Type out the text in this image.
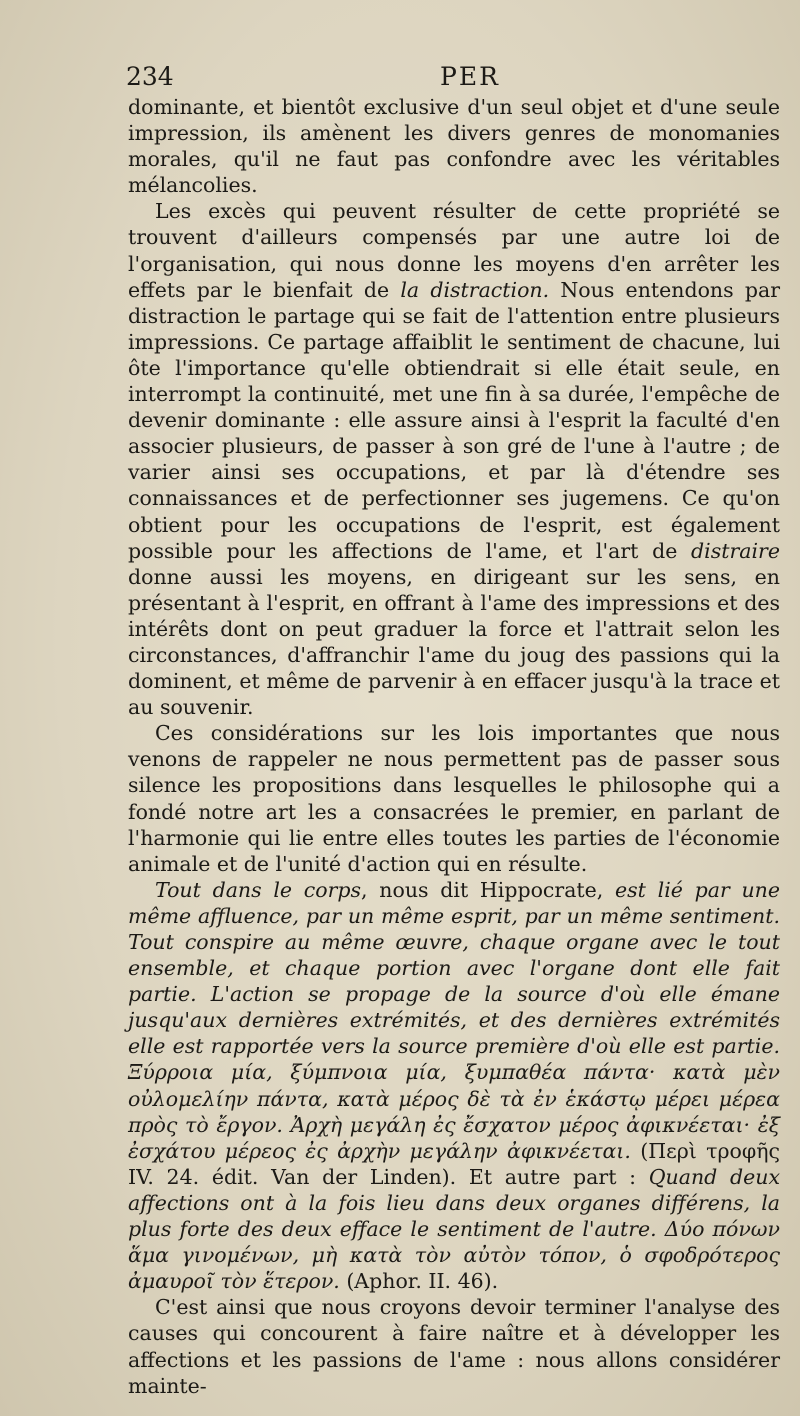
234	PER

dominante, et bientôt exclusive d'un seul objet et d'une seule impression, ils amènent les divers genres de monomanies morales, qu'il ne faut pas confondre avec les véritables mélancolies.

Les excès qui peuvent résulter de cette propriété se trouvent d'ailleurs compensés par une autre loi de l'organisation, qui nous donne les moyens d'en arrêter les effets par le bienfait de la distraction. Nous entendons par distraction le partage qui se fait de l'attention entre plusieurs impressions. Ce partage affaiblit le sentiment de chacune, lui ôte l'importance qu'elle obtiendrait si elle était seule, en interrompt la continuité, met une fin à sa durée, l'empêche de devenir dominante : elle assure ainsi à l'esprit la faculté d'en associer plusieurs, de passer à son gré de l'une à l'autre ; de varier ainsi ses occupations, et par là d'étendre ses connaissances et de perfectionner ses jugemens. Ce qu'on obtient pour les occupations de l'esprit, est également possible pour les affections de l'ame, et l'art de distraire donne aussi les moyens, en dirigeant sur les sens, en présentant à l'esprit, en offrant à l'ame des impressions et des intérêts dont on peut graduer la force et l'attrait selon les circonstances, d'affranchir l'ame du joug des passions qui la dominent, et même de parvenir à en effacer jusqu'à la trace et au souvenir.

Ces considérations sur les lois importantes que nous venons de rappeler ne nous permettent pas de passer sous silence les propositions dans lesquelles le philosophe qui a fondé notre art les a consacrées le premier, en parlant de l'harmonie qui lie entre elles toutes les parties de l'économie animale et de l'unité d'action qui en résulte.

Tout dans le corps, nous dit Hippocrate, est lié par une même affluence, par un même esprit, par un même sentiment. Tout conspire au même œuvre, chaque organe avec le tout ensemble, et chaque portion avec l'organe dont elle fait partie. L'action se propage de la source d'où elle émane jusqu'aux dernières extrémités, et des dernières extrémités elle est rapportée vers la source première d'où elle est partie. Ξύρροια μία, ξύμπνοια μία, ξυμπαθέα πάντα· κατὰ μὲν οὐλομελίην πάντα, κατὰ μέρος δὲ τὰ ἐν ἑκάστῳ μέρει μέρεα πρὸς τὸ ἔργον. Ἀρχὴ μεγάλη ἐς ἔσχατον μέρος ἀφικνέεται· ἐξ ἐσχάτου μέρεος ἐς ἀρχὴν μεγάλην ἀφικνέεται. (Περὶ τροφῆς IV. 24. édit. Van der Linden). Et autre part : Quand deux affections ont à la fois lieu dans deux organes différens, la plus forte des deux efface le sentiment de l'autre. Δύο πόνων ἅμα γινομένων, μὴ κατὰ τὸν αὐτὸν τόπον, ὁ σφοδρότερος ἀμαυροῖ τὸν ἕτερον. (Aphor. II. 46).

C'est ainsi que nous croyons devoir terminer l'analyse des causes qui concourent à faire naître et à développer les affections et les passions de l'ame : nous allons considérer mainte-
